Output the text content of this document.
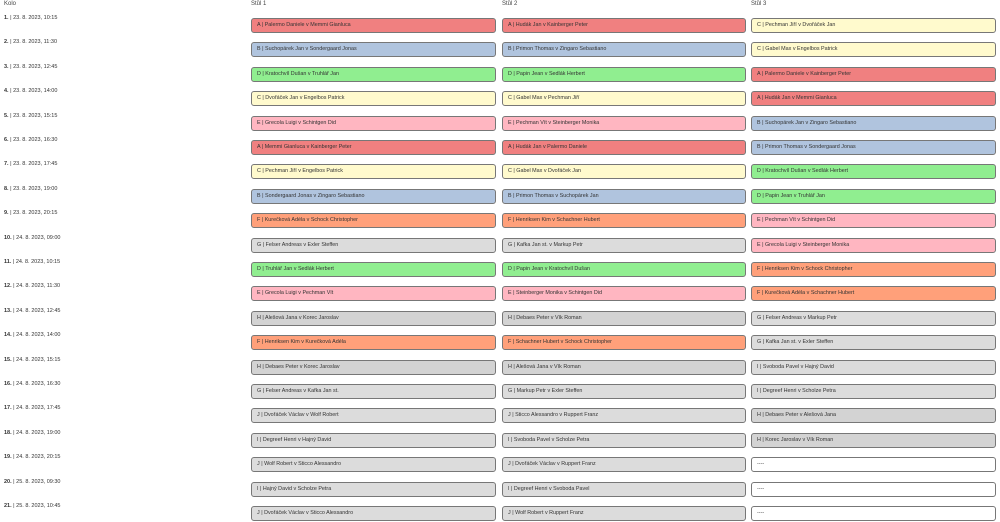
Kolo	Stůl 1	Stůl 2	Stůl 3
1. | 23. 8. 2023, 10:15
A | Palermo Daniele v Memmi Gianluca	A | Hudák Jan v Kainberger Peter	C | Pechman Jiří v Dvořáček Jan
2. | 23. 8. 2023, 11:30
B | Suchopárek Jan v Sondergaard Jonas	B | Primon Thomas v Zingaro Sebastiano	C | Gabel Max v Engelbos Patrick
3. | 23. 8. 2023, 12:45
D | Kratochvíl Dušan v Truhlář Jan	D | Papin Jean v Sedlák Herbert	A | Palermo Daniele v Kainberger Peter
4. | 23. 8. 2023, 14:00
C | Dvořáček Jan v Engelbos Patrick	C | Gabel Max v Pechman Jiří	A | Hudák Jan v Memmi Gianluca
5. | 23. 8. 2023, 15:15
E | Grecola Luigi v Schintgen Did	E | Pechman Vít v Steinberger Monika	B | Suchopárek Jan v Zingaro Sebastiano
6. | 23. 8. 2023, 16:30
A | Memmi Gianluca v Kainberger Peter	A | Hudák Jan v Palermo Daniele	B | Primon Thomas v Sondergaard Jonas
7. | 23. 8. 2023, 17:45
C | Pechman Jiří v Engelbos Patrick	C | Gabel Max v Dvořáček Jan	D | Kratochvíl Dušan v Sedlák Herbert
8. | 23. 8. 2023, 19:00
B | Sondergaard Jonas v Zingaro Sebastiano	B | Primon Thomas v Suchopárek Jan	D | Papin Jean v Truhlář Jan
9. | 23. 8. 2023, 20:15
F | Kurečková Adéla v Schock Christopher	F | Henriksen Kim v Schachner Hubert	E | Pechman Vít v Schintgen Did
10. | 24. 8. 2023, 09:00
G | Felser Andreas v Exler Steffen	G | Kafka Jan st. v Markup Petr	E | Grecola Luigi v Steinberger Monika
11. | 24. 8. 2023, 10:15
D | Truhlář Jan v Sedlák Herbert	D | Papin Jean v Kratochvíl Dušan	F | Henriksen Kim v Schock Christopher
12. | 24. 8. 2023, 11:30
E | Grecola Luigi v Pechman Vít	E | Steinberger Monika v Schintgen Did	F | Kurečková Adéla v Schachner Hubert
13. | 24. 8. 2023, 12:45
H | Alešová Jana v Korec Jaroslav	H | Debaes Peter v Vík Roman	G | Felser Andreas v Markup Petr
14. | 24. 8. 2023, 14:00
F | Henriksen Kim v Kurečková Adéla	F | Schachner Hubert v Schock Christopher	G | Kafka Jan st. v Exler Steffen
15. | 24. 8. 2023, 15:15
H | Debaes Peter v Korec Jaroslav	H | Alešová Jana v Vík Roman	I | Svoboda Pavel v Hajný David
16. | 24. 8. 2023, 16:30
G | Felser Andreas v Kafka Jan st.	G | Markup Petr v Exler Steffen	I | Degreef Henri v Scholze Petra
17. | 24. 8. 2023, 17:45
J | Dvořáček Václav v Wolf Robert	J | Sticco Alessandro v Ruppert Franz	H | Debaes Peter v Alešová Jana
18. | 24. 8. 2023, 19:00
I | Degreef Henri v Hajný David	I | Svoboda Pavel v Scholze Petra	H | Korec Jaroslav v Vík Roman
19. | 24. 8. 2023, 20:15
J | Wolf Robert v Sticco Alessandro	J | Dvořáček Václav v Ruppert Franz	----
20. | 25. 8. 2023, 09:30
I | Hajný David v Scholze Petra	I | Degreef Henri v Svoboda Pavel	----
21. | 25. 8. 2023, 10:45
J | Dvořáček Václav v Sticco Alessandro	J | Wolf Robert v Ruppert Franz	----
